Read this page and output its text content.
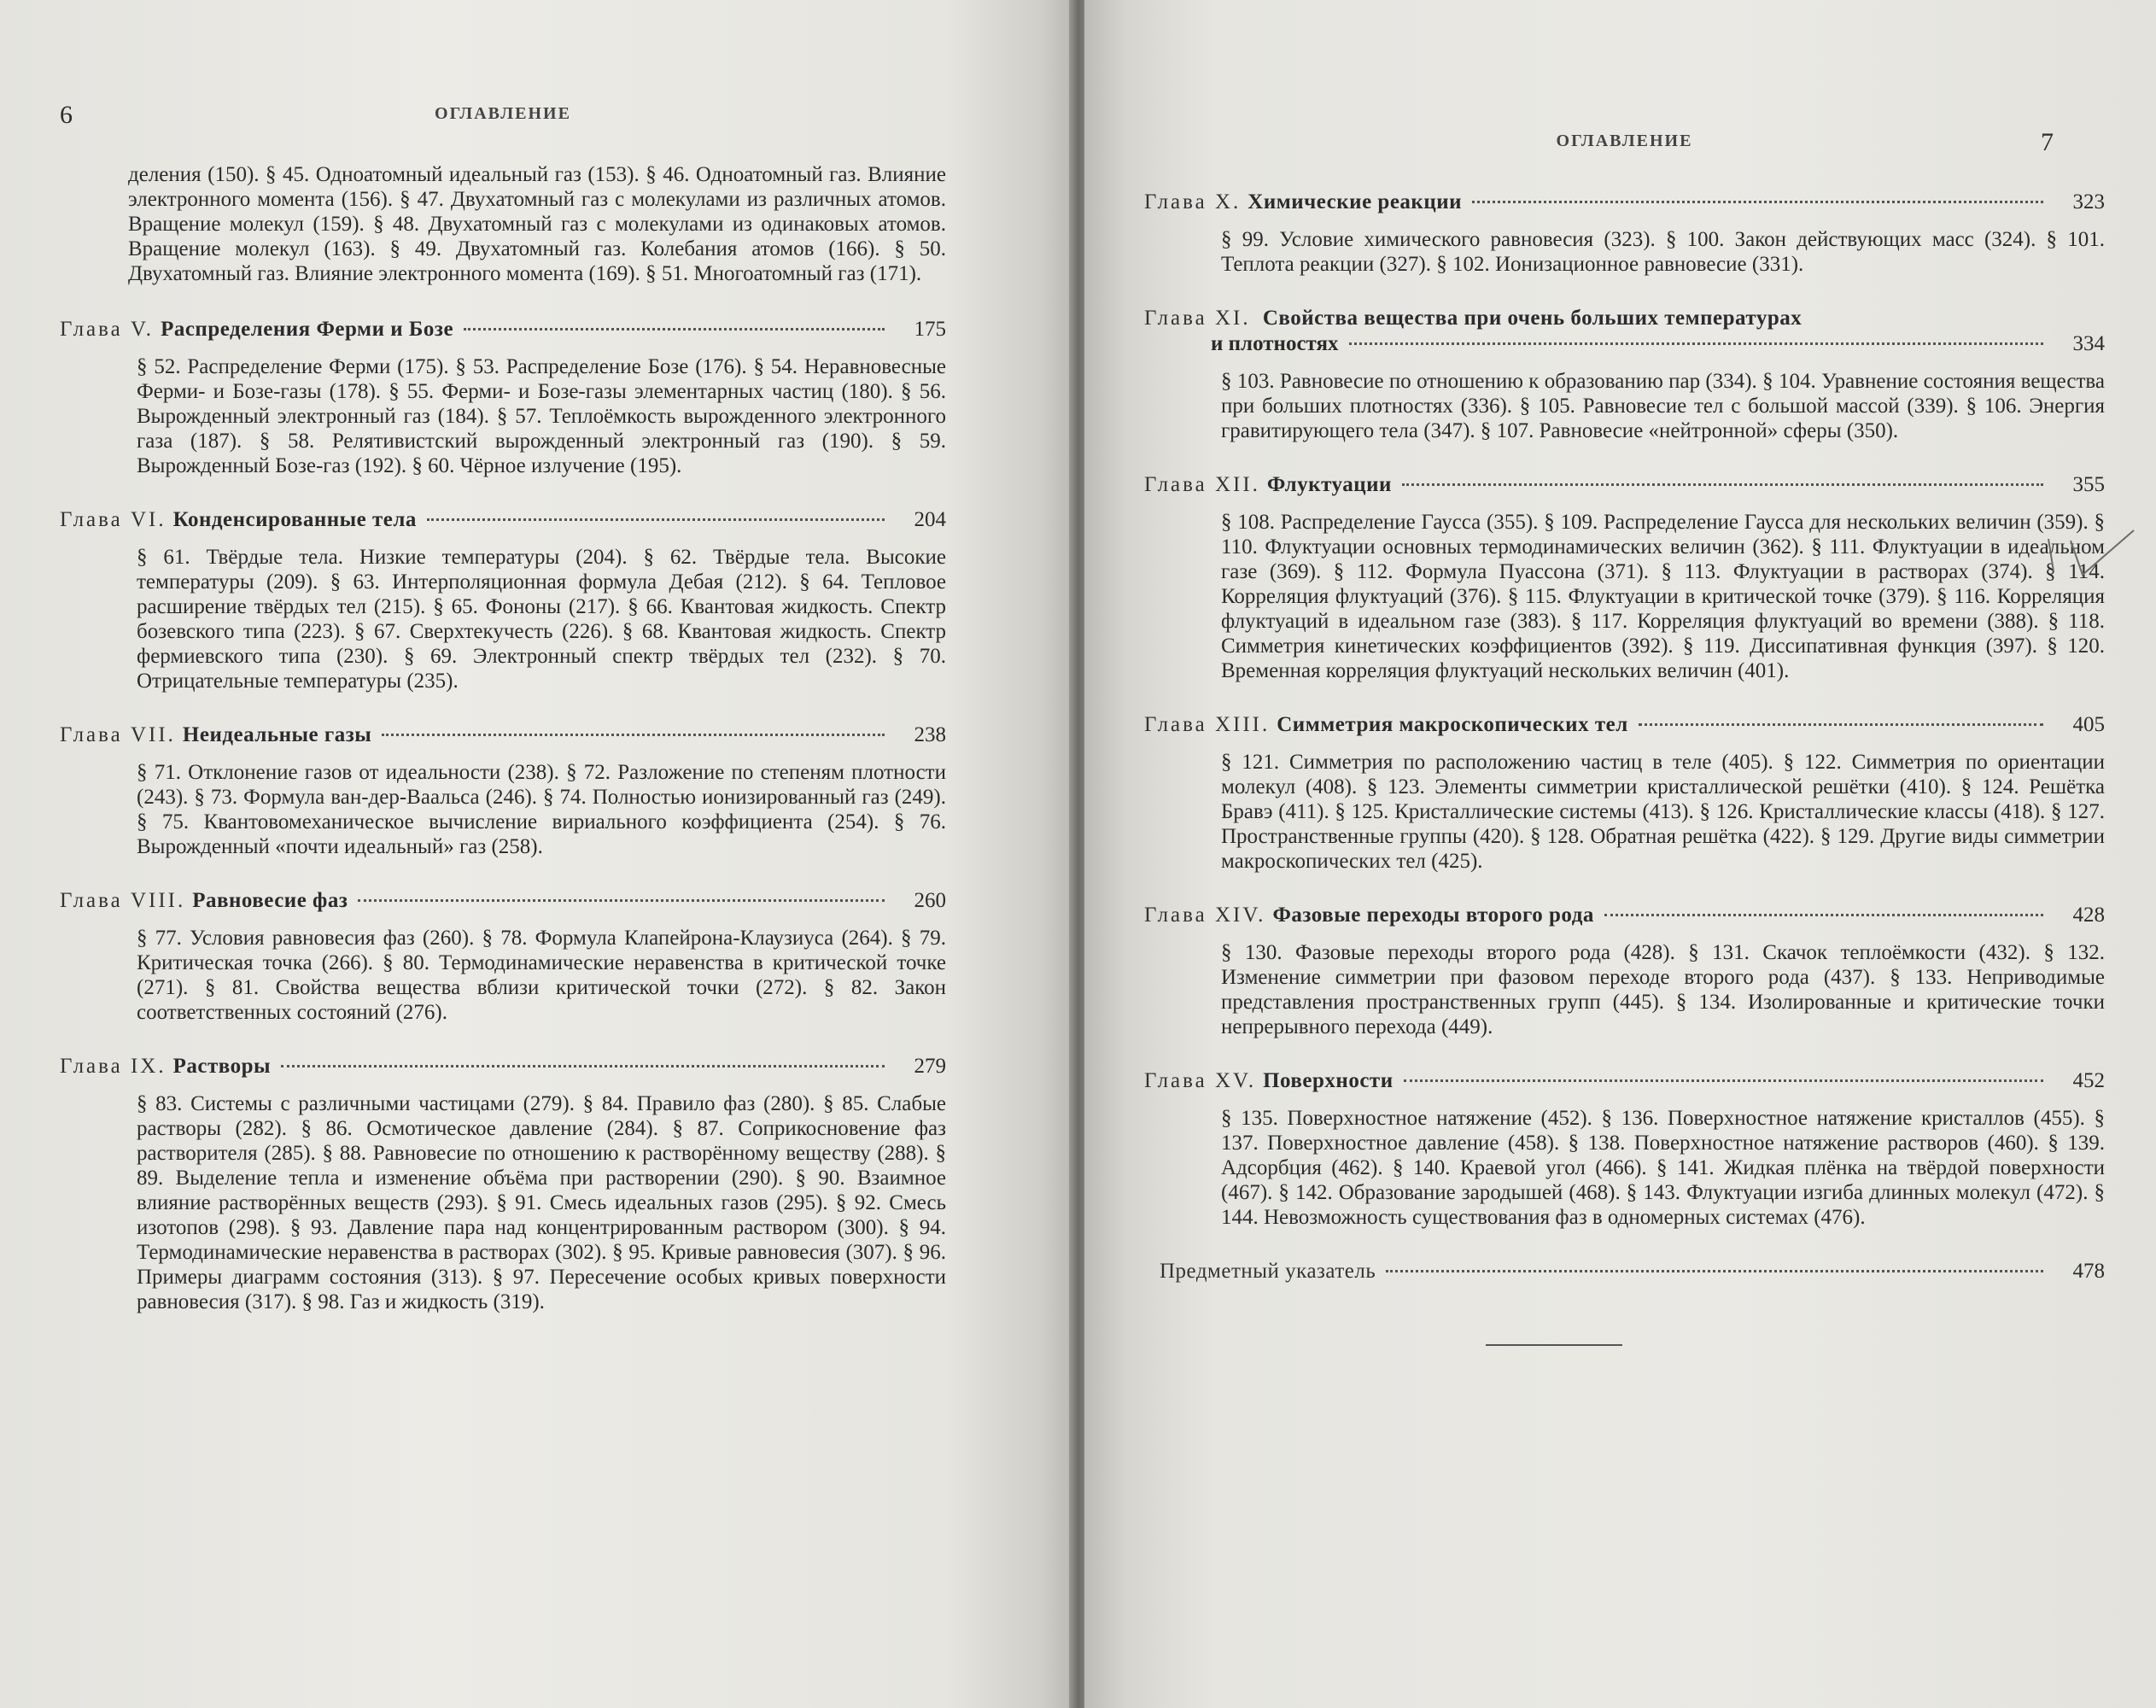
6	ОГЛАВЛЕНИЕ

деления (150). § 45. Одноатомный идеальный газ (153). § 46. Одноатомный газ. Влияние электронного момента (156). § 47. Двухатомный газ с молекулами из различных атомов. Вращение молекул (159). § 48. Двухатомный газ с молекулами из одинаковых атомов. Вращение молекул (163). § 49. Двухатомный газ. Колебания атомов (166). § 50. Двухатомный газ. Влияние электронного момента (169). § 51. Многоатомный газ (171).

Глава V. Распределения Ферми и Бозе	175

§ 52. Распределение Ферми (175). § 53. Распределение Бозе (176). § 54. Неравновесные Ферми- и Бозе-газы (178). § 55. Ферми- и Бозе-газы элементарных частиц (180). § 56. Вырожденный электронный газ (184). § 57. Теплоёмкость вырожденного электронного газа (187). § 58. Релятивистский вырожденный электронный газ (190). § 59. Вырожденный Бозе-газ (192). § 60. Чёрное излучение (195).

Глава VI. Конденсированные тела	204

§ 61. Твёрдые тела. Низкие температуры (204). § 62. Твёрдые тела. Высокие температуры (209). § 63. Интерполяционная формула Дебая (212). § 64. Тепловое расширение твёрдых тел (215). § 65. Фононы (217). § 66. Квантовая жидкость. Спектр бозевского типа (223). § 67. Сверхтекучесть (226). § 68. Квантовая жидкость. Спектр фермиевского типа (230). § 69. Электронный спектр твёрдых тел (232). § 70. Отрицательные температуры (235).

Глава VII. Неидеальные газы	238

§ 71. Отклонение газов от идеальности (238). § 72. Разложение по степеням плотности (243). § 73. Формула ван-дер-Ваальса (246). § 74. Полностью ионизированный газ (249). § 75. Квантовомеханическое вычисление вириального коэффициента (254). § 76. Вырожденный «почти идеальный» газ (258).

Глава VIII. Равновесие фаз	260

§ 77. Условия равновесия фаз (260). § 78. Формула Клапейрона-Клаузиуса (264). § 79. Критическая точка (266). § 80. Термодинамические неравенства в критической точке (271). § 81. Свойства вещества вблизи критической точки (272). § 82. Закон соответственных состояний (276).

Глава IX. Растворы	279

§ 83. Системы с различными частицами (279). § 84. Правило фаз (280). § 85. Слабые растворы (282). § 86. Осмотическое давление (284). § 87. Соприкосновение фаз растворителя (285). § 88. Равновесие по отношению к растворённому веществу (288). § 89. Выделение тепла и изменение объёма при растворении (290). § 90. Взаимное влияние растворённых веществ (293). § 91. Смесь идеальных газов (295). § 92. Смесь изотопов (298). § 93. Давление пара над концентрированным раствором (300). § 94. Термодинамические неравенства в растворах (302). § 95. Кривые равновесия (307). § 96. Примеры диаграмм состояния (313). § 97. Пересечение особых кривых поверхности равновесия (317). § 98. Газ и жидкость (319).

ОГЛАВЛЕНИЕ	7
Глава X. Химические реакции	323

§ 99. Условие химического равновесия (323). § 100. Закон действующих масс (324). § 101. Теплота реакции (327). § 102. Ионизационное равновесие (331).

Глава XI. Свойства вещества при очень больших температурах
и плотностях	334

§ 103. Равновесие по отношению к образованию пар (334). § 104. Уравнение состояния вещества при больших плотностях (336). § 105. Равновесие тел с большой массой (339). § 106. Энергия гравитирующего тела (347). § 107. Равновесие «нейтронной» сферы (350).

Глава XII. Флуктуации	355

§ 108. Распределение Гаусса (355). § 109. Распределение Гаусса для нескольких величин (359). § 110. Флуктуации основных термодинамических величин (362). § 111. Флуктуации в идеальном газе (369). § 112. Формула Пуассона (371). § 113. Флуктуации в растворах (374). § 114. Корреляция флуктуаций (376). § 115. Флуктуации в критической точке (379). § 116. Корреляция флуктуаций в идеальном газе (383). § 117. Корреляция флуктуаций во времени (388). § 118. Симметрия кинетических коэффициентов (392). § 119. Диссипативная функция (397). § 120. Временная корреляция флуктуаций нескольких величин (401).

Глава XIII. Симметрия макроскопических тел	405

§ 121. Симметрия по расположению частиц в теле (405). § 122. Симметрия по ориентации молекул (408). § 123. Элементы симметрии кристаллической решётки (410). § 124. Решётка Бравэ (411). § 125. Кристаллические системы (413). § 126. Кристаллические классы (418). § 127. Пространственные группы (420). § 128. Обратная решётка (422). § 129. Другие виды симметрии макроскопических тел (425).

Глава XIV. Фазовые переходы второго рода	428

§ 130. Фазовые переходы второго рода (428). § 131. Скачок теплоёмкости (432). § 132. Изменение симметрии при фазовом переходе второго рода (437). § 133. Неприводимые представления пространственных групп (445). § 134. Изолированные и критические точки непрерывного перехода (449).

Глава XV. Поверхности	452

§ 135. Поверхностное натяжение (452). § 136. Поверхностное натяжение кристаллов (455). § 137. Поверхностное давление (458). § 138. Поверхностное натяжение растворов (460). § 139. Адсорбция (462). § 140. Краевой угол (466). § 141. Жидкая плёнка на твёрдой поверхности (467). § 142. Образование зародышей (468). § 143. Флуктуации изгиба длинных молекул (472). § 144. Невозможность существования фаз в одномерных системах (476).

Предметный указатель	478
